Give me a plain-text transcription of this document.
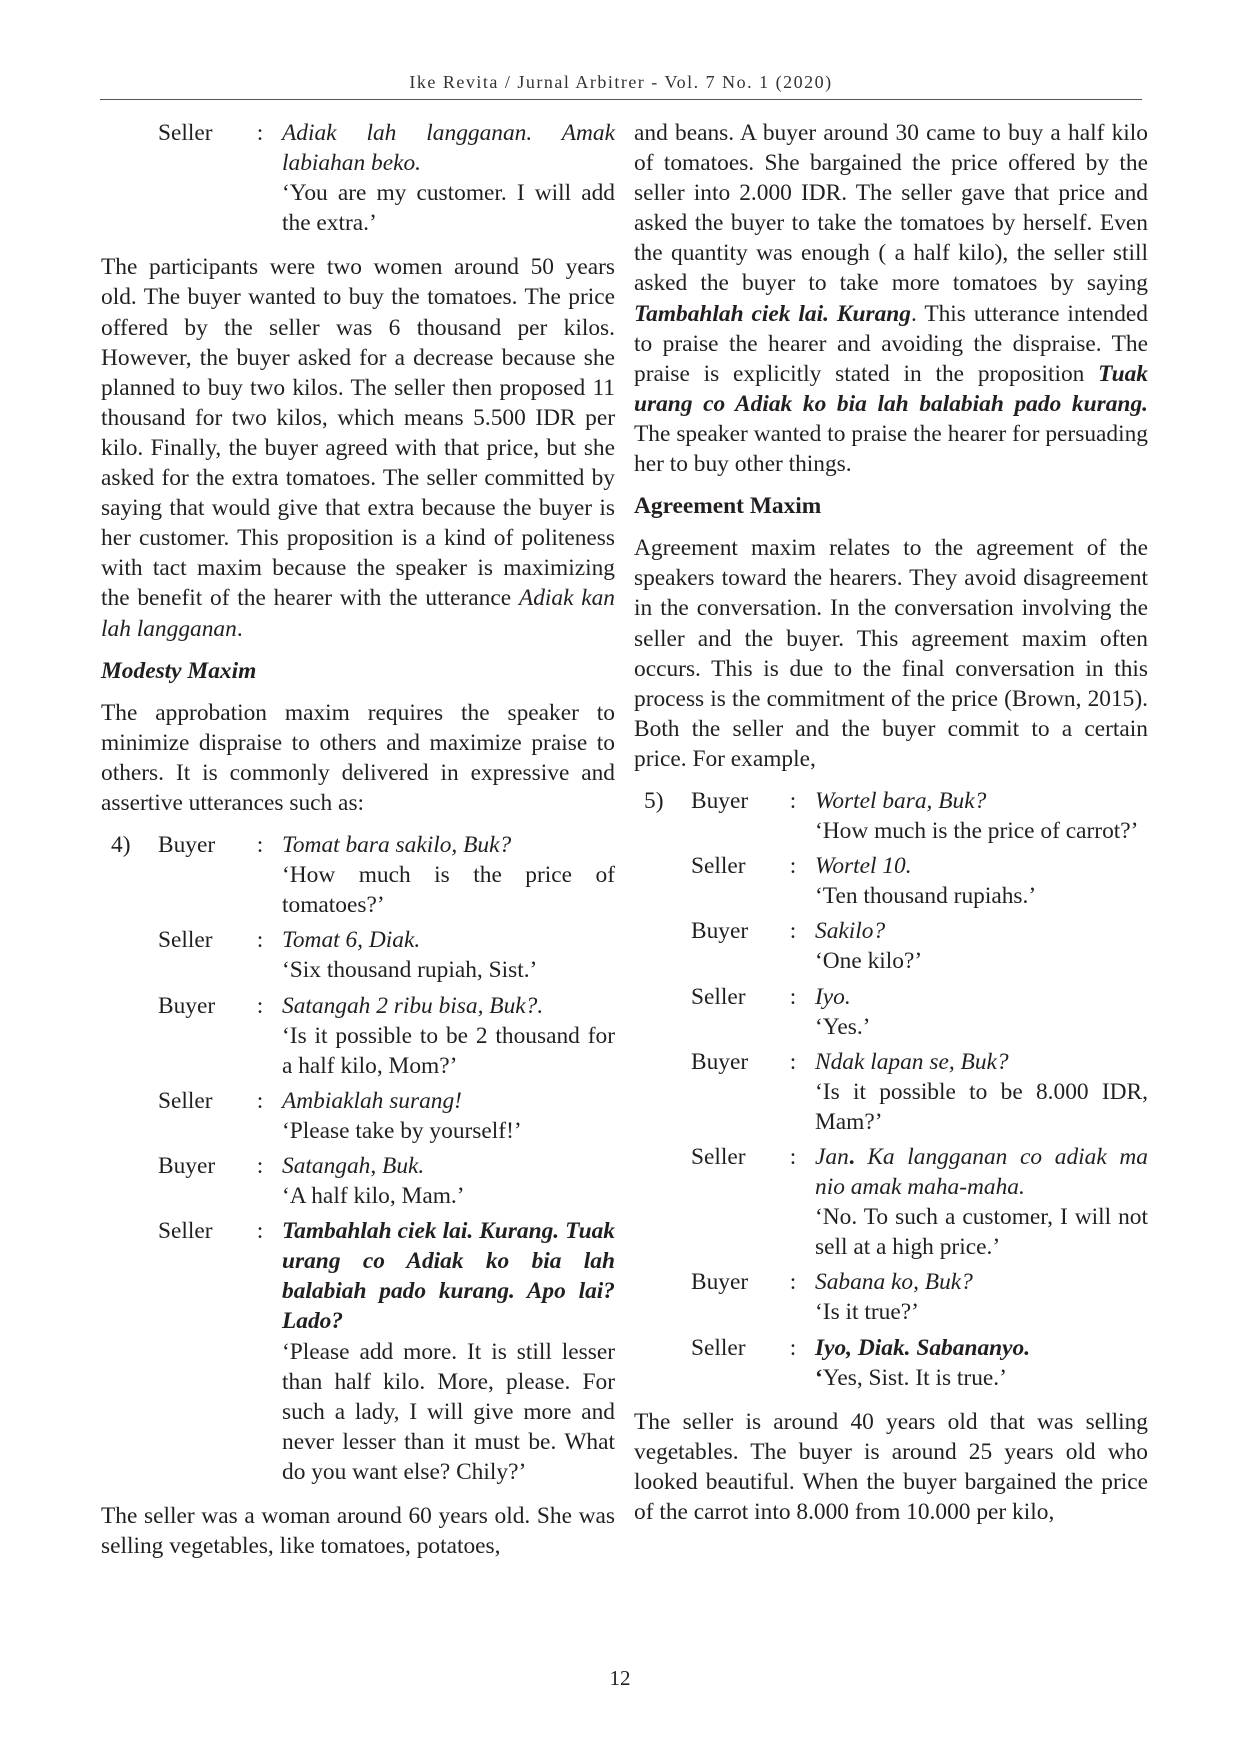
Ike Revita / Jurnal Arbitrer - Vol. 7 No. 1 (2020)
Seller	: Adiak lah langganan. Amak labiahan beko.
‘You are my customer. I will add the extra.’

The participants were two women around 50 years old. The buyer wanted to buy the tomatoes. The price offered by the seller was 6 thousand per kilos. However, the buyer asked for a decrease because she planned to buy two kilos. The seller then proposed 11 thousand for two kilos, which means 5.500 IDR per kilo. Finally, the buyer agreed with that price, but she asked for the extra tomatoes. The seller committed by saying that would give that extra because the buyer is her customer. This proposition is a kind of politeness with tact maxim because the speaker is maximizing the benefit of the hearer with the utterance Adiak kan lah langganan.

Modesty Maxim

The approbation maxim requires the speaker to minimize dispraise to others and maximize praise to others. It is commonly delivered in expressive and assertive utterances such as:

4)	Buyer	: Tomat bara sakilo, Buk?
‘How much is the price of tomatoes?’
Seller	: Tomat 6, Diak.
‘Six thousand rupiah, Sist.’
Buyer	: Satangah 2 ribu bisa, Buk?.
‘Is it possible to be 2 thousand for a half kilo, Mom?’
Seller	: Ambiaklah surang!
‘Please take by yourself!’
Buyer	: Satangah, Buk.
‘A half kilo, Mam.’
Seller	: Tambahlah ciek lai. Kurang. Tuak urang co Adiak ko bia lah balabiah pado kurang. Apo lai? Lado?
‘Please add more. It is still lesser than half kilo. More, please. For such a lady, I will give more and never lesser than it must be. What do you want else? Chily?’

The seller was a woman around 60 years old. She was selling vegetables, like tomatoes, potatoes,

and beans. A buyer around 30 came to buy a half kilo of tomatoes. She bargained the price offered by the seller into 2.000 IDR. The seller gave that price and asked the buyer to take the tomatoes by herself. Even the quantity was enough ( a half kilo), the seller still asked the buyer to take more tomatoes by saying Tambahlah ciek lai. Kurang. This utterance intended to praise the hearer and avoiding the dispraise. The praise is explicitly stated in the proposition Tuak urang co Adiak ko bia lah balabiah pado kurang. The speaker wanted to praise the hearer for persuading her to buy other things.

Agreement Maxim

Agreement maxim relates to the agreement of the speakers toward the hearers. They avoid disagreement in the conversation. In the conversation involving the seller and the buyer. This agreement maxim often occurs. This is due to the final conversation in this process is the commitment of the price (Brown, 2015). Both the seller and the buyer commit to a certain price. For example,

5)	Buyer	: Wortel bara, Buk?
‘How much is the price of carrot?’
Seller	: Wortel 10.
‘Ten thousand rupiahs.’
Buyer	: Sakilo?
‘One kilo?’
Seller	: Iyo.
‘Yes.’
Buyer	: Ndak lapan se, Buk?
‘Is it possible to be 8.000 IDR, Mam?’
Seller	: Jan. Ka langganan co adiak ma nio amak maha-maha.
‘No. To such a customer, I will not sell at a high price.’
Buyer	: Sabana ko, Buk?
‘Is it true?’
Seller	: Iyo, Diak. Sabananyo.
‘Yes, Sist. It is true.’

The seller is around 40 years old that was selling vegetables. The buyer is around 25 years old who looked beautiful. When the buyer bargained the price of the carrot into 8.000 from 10.000 per kilo,

12
